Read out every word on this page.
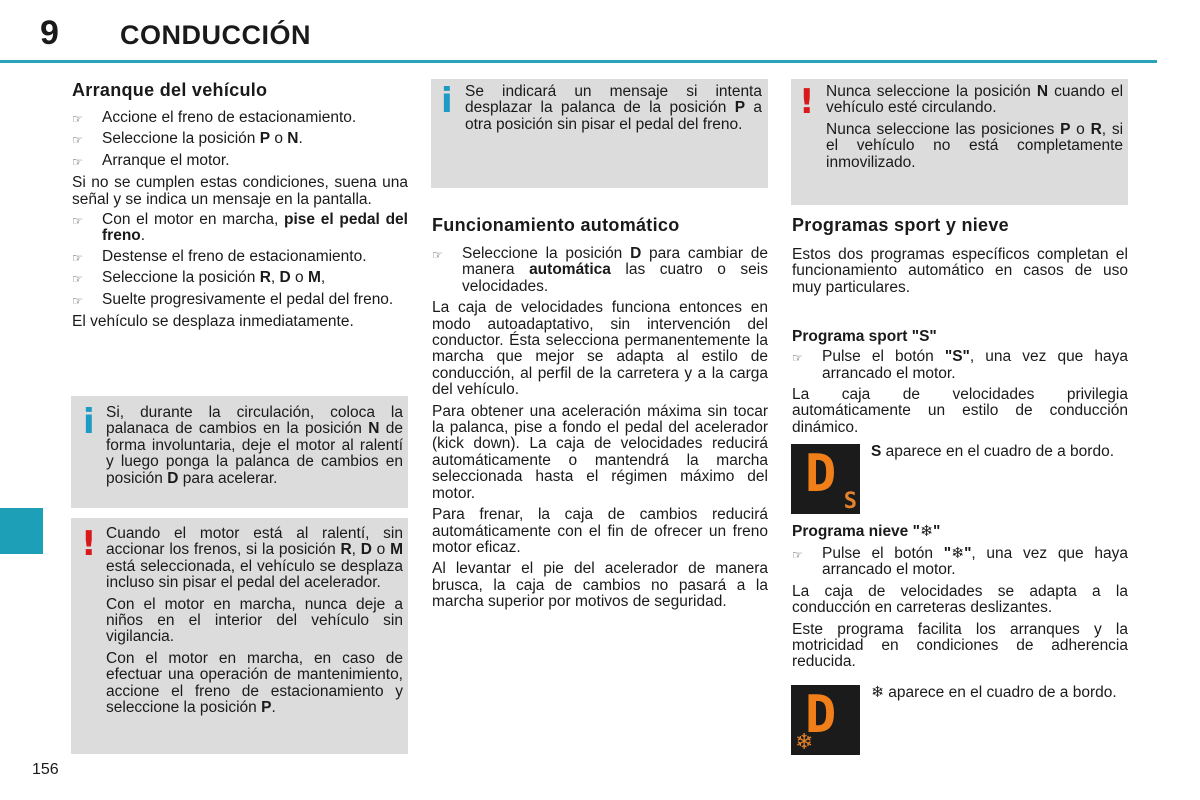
9 CONDUCCIÓN
156
Arranque del vehículo
☞	Accione el freno de estacionamiento.
☞	Seleccione la posición P o N.
☞	Arranque el motor.

Si no se cumplen estas condiciones, suena una señal y se indica un mensaje en la pantalla.

☞	Con el motor en marcha, pise el pedal del freno.
☞	Destense el freno de estacionamiento.
☞	Seleccione la posición R, D o M,
☞	Suelte progresivamente el pedal del freno.

El vehículo se desplaza inmediatamente.

i Si, durante la circulación, coloca la palanaca de cambios en la posición N de forma involuntaria, deje el motor al ralentí y luego ponga la palanca de cambios en posición D para acelerar.

! Cuando el motor está al ralentí, sin accionar los frenos, si la posición R, D o M está seleccionada, el vehículo se desplaza incluso sin pisar el pedal del acelerador.

Con el motor en marcha, nunca deje a niños en el interior del vehículo sin vigilancia.

Con el motor en marcha, en caso de efectuar una operación de mantenimiento, accione el freno de estacionamiento y seleccione la posición P.

i Se indicará un mensaje si intenta desplazar la palanca de la posición P a otra posición sin pisar el pedal del freno.

Funcionamiento automático
☞	Seleccione la posición D para cambiar de manera automática las cuatro o seis velocidades.

La caja de velocidades funciona entonces en modo autoadaptativo, sin intervención del conductor. Ésta selecciona permanentemente la marcha que mejor se adapta al estilo de conducción, al perfil de la carretera y a la carga del vehículo.

Para obtener una aceleración máxima sin tocar la palanca, pise a fondo el pedal del acelerador (kick down). La caja de velocidades reducirá automáticamente o mantendrá la marcha seleccionada hasta el régimen máximo del motor.

Para frenar, la caja de cambios reducirá automáticamente con el fin de ofrecer un freno motor eficaz.

Al levantar el pie del acelerador de manera brusca, la caja de cambios no pasará a la marcha superior por motivos de seguridad.

! Nunca seleccione la posición N cuando el vehículo esté circulando.

Nunca seleccione las posiciones P o R, si el vehículo no está completamente inmovilizado.

Programas sport y nieve

Estos dos programas específicos completan el funcionamiento automático en casos de uso muy particulares.

Programa sport "S"
☞	Pulse el botón "S", una vez que haya arrancado el motor.

La caja de velocidades privilegia automáticamente un estilo de conducción dinámico.

D S

S aparece en el cuadro de a bordo.

Programa nieve "❄"
☞	Pulse el botón "❄", una vez que haya arrancado el motor.

La caja de velocidades se adapta a la conducción en carreteras deslizantes.

Este programa facilita los arranques y la motricidad en condiciones de adherencia reducida.

D
❄

❄ aparece en el cuadro de a bordo.
